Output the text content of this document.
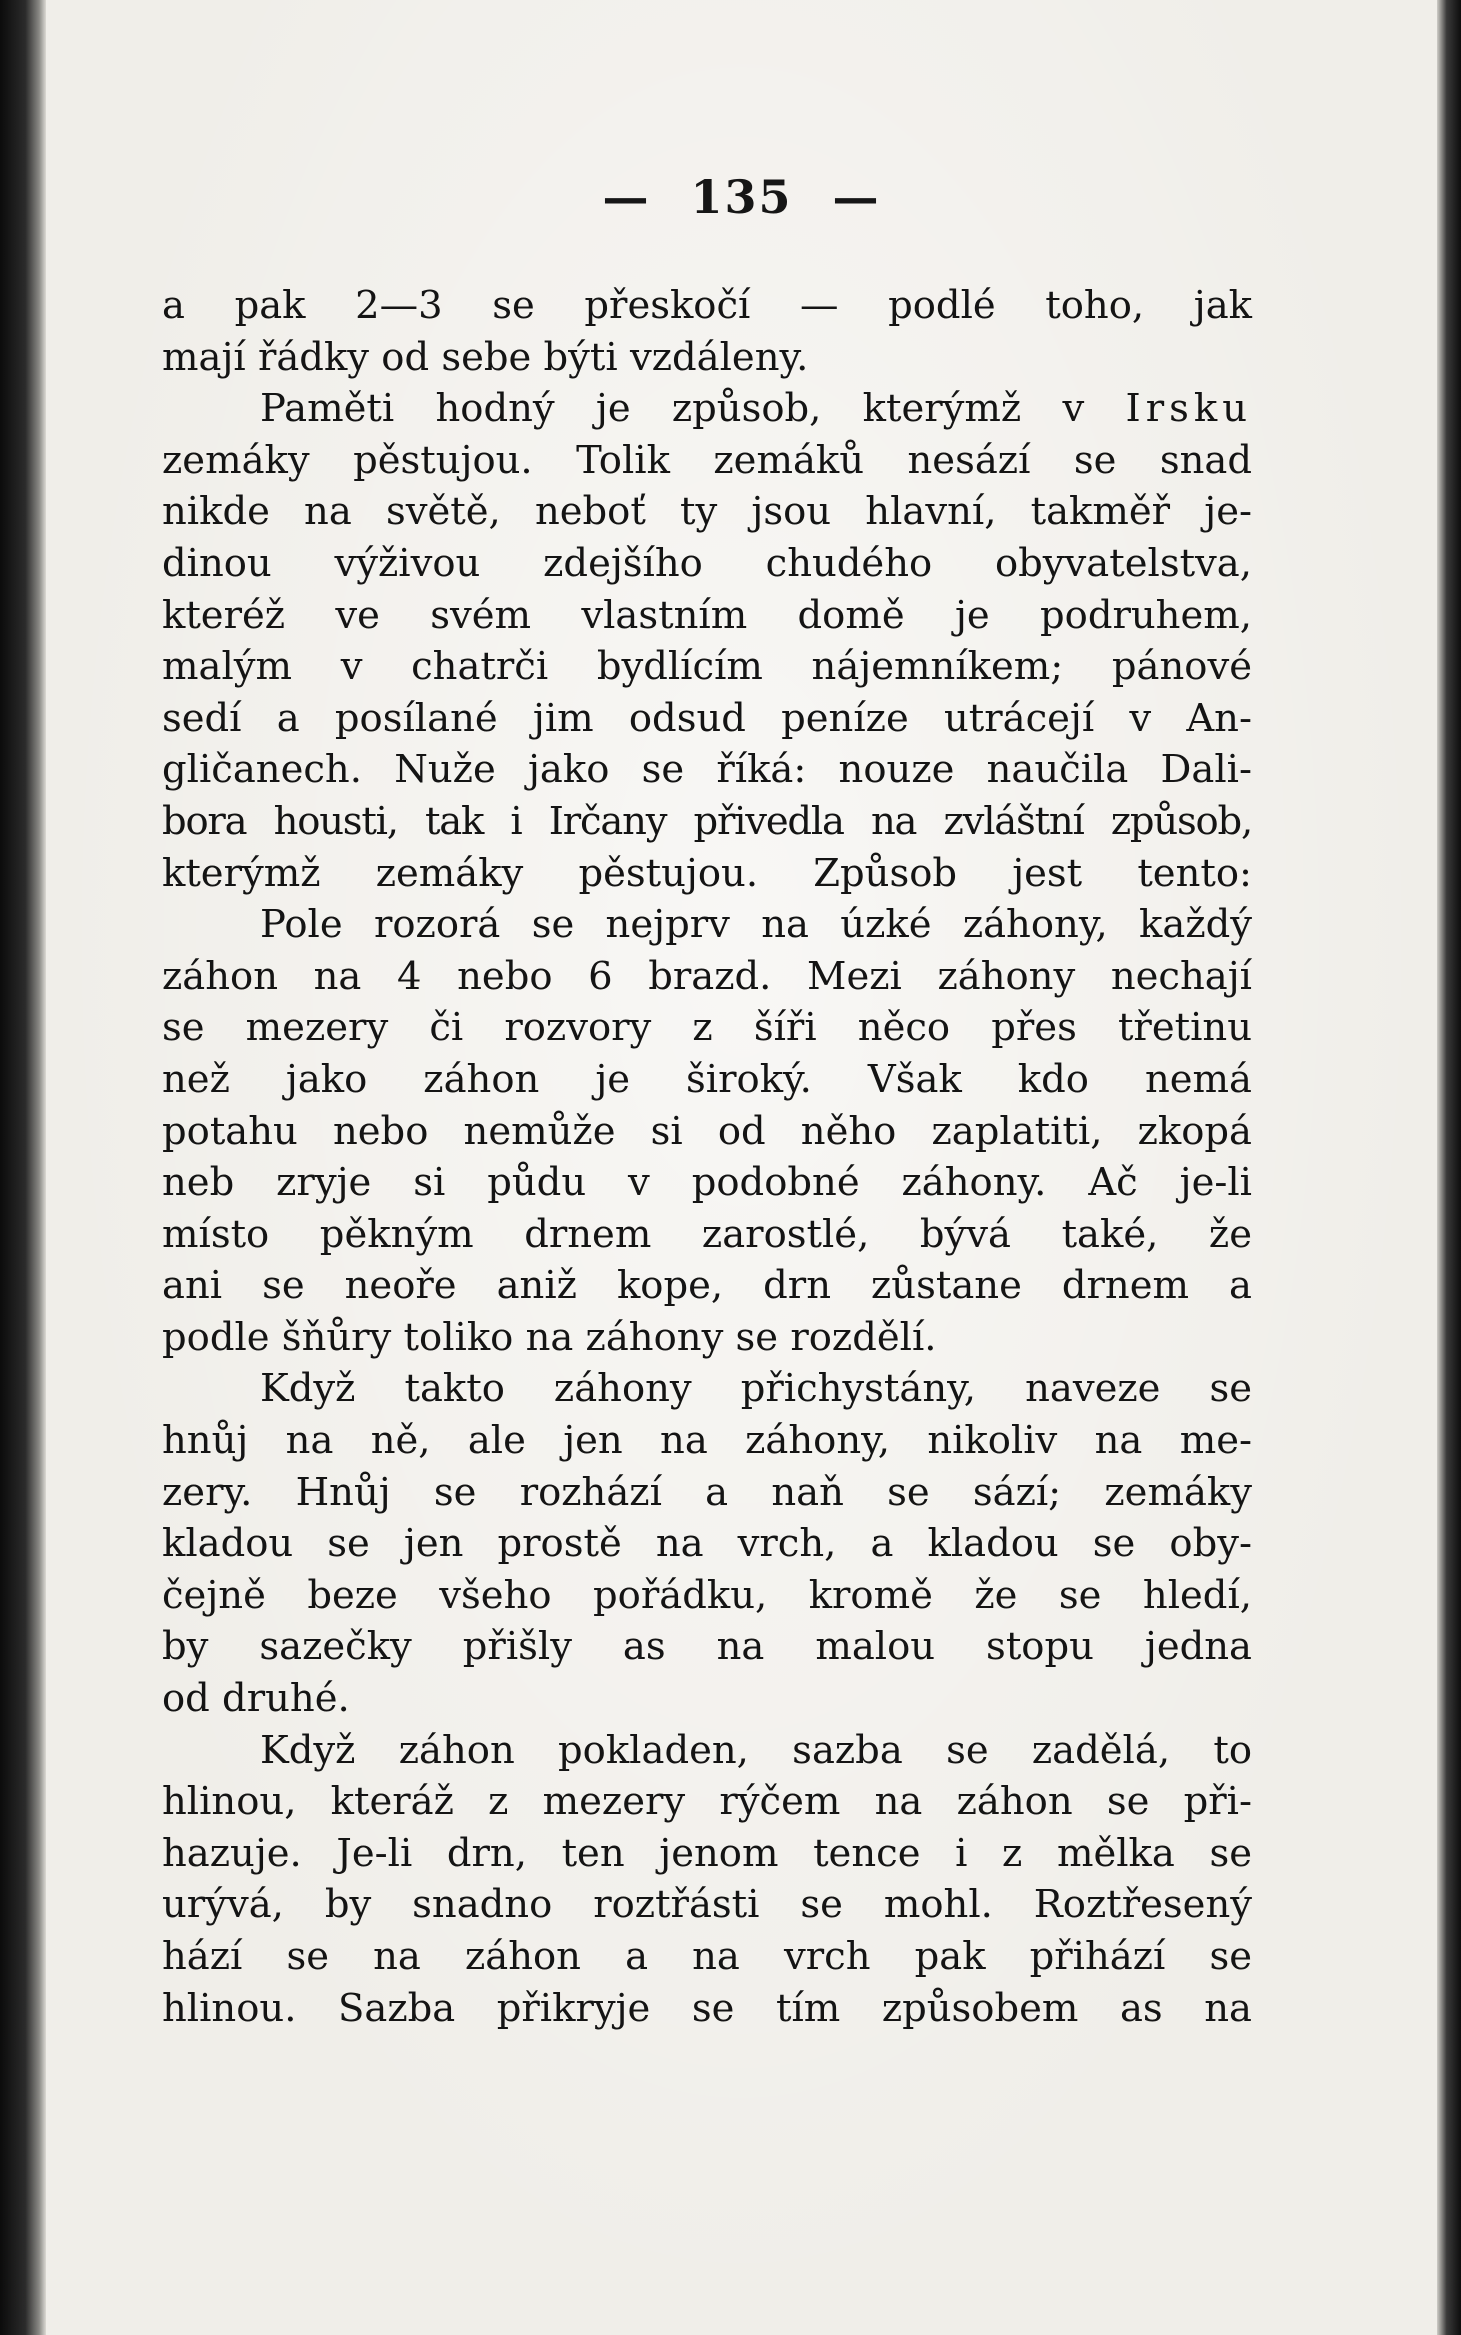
— 135 —
a pak 2—3 se přeskočí — podlé toho, jak
mají řádky od sebe býti vzdáleny.
Paměti hodný je způsob, kterýmž v Irsku
zemáky pěstujou. Tolik zemáků nesází se snad
nikde na světě, neboť ty jsou hlavní, takměř je-
dinou výživou zdejšího chudého obyvatelstva,
kteréž ve svém vlastním domě je podruhem,
malým v chatrči bydlícím nájemníkem; pánové
sedí a posílané jim odsud peníze utrácejí v An-
gličanech. Nuže jako se říká: nouze naučila Dali-
bora housti, tak i Irčany přivedla na zvláštní způsob,
kterýmž zemáky pěstujou. Způsob jest tento:
Pole rozorá se nejprv na úzké záhony, každý
záhon na 4 nebo 6 brazd. Mezi záhony nechají
se mezery či rozvory z šíři něco přes třetinu
než jako záhon je široký. Však kdo nemá
potahu nebo nemůže si od něho zaplatiti, zkopá
neb zryje si půdu v podobné záhony. Ač je-li
místo pěkným drnem zarostlé, bývá také, že
ani se neoře aniž kope, drn zůstane drnem a
podle šňůry toliko na záhony se rozdělí.
Když takto záhony přichystány, naveze se
hnůj na ně, ale jen na záhony, nikoliv na me-
zery. Hnůj se rozhází a naň se sází; zemáky
kladou se jen prostě na vrch, a kladou se oby-
čejně beze všeho pořádku, kromě že se hledí,
by sazečky přišly as na malou stopu jedna
od druhé.
Když záhon pokladen, sazba se zadělá, to
hlinou, kteráž z mezery rýčem na záhon se při-
hazuje. Je-li drn, ten jenom tence i z mělka se
urývá, by snadno roztřásti se mohl. Roztřesený
hází se na záhon a na vrch pak přihází se
hlinou. Sazba přikryje se tím způsobem as na
